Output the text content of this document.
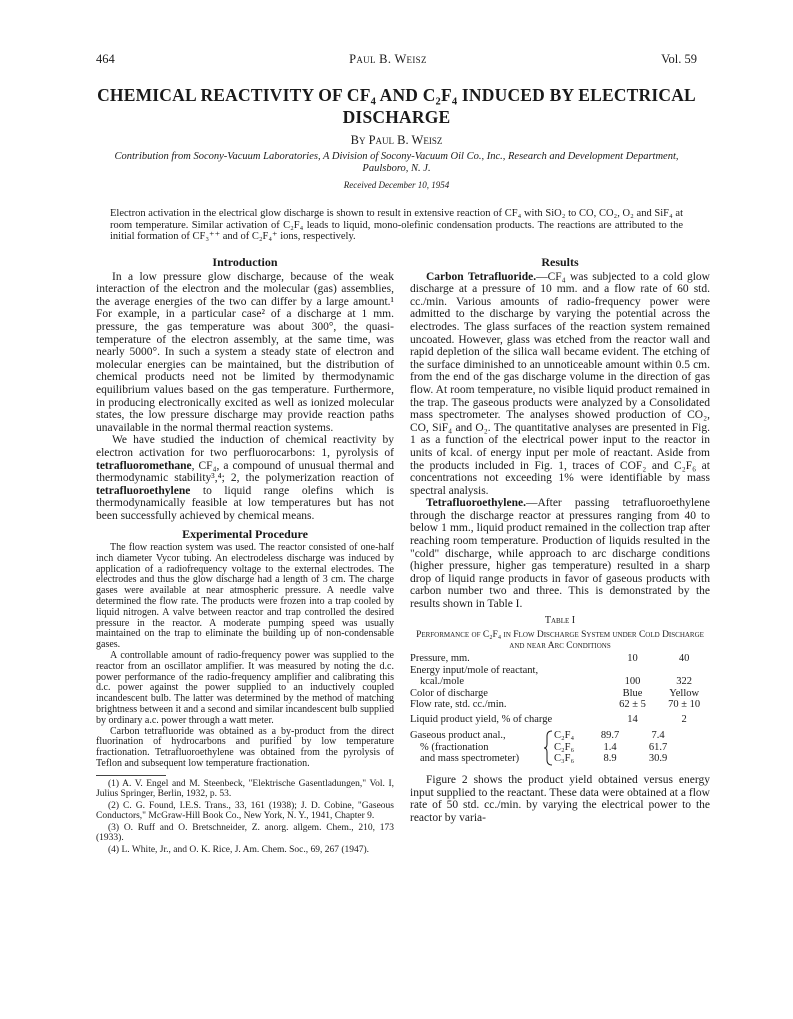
464	Paul B. Weisz	Vol. 59
CHEMICAL REACTIVITY OF CF₄ AND C₂F₄ INDUCED BY ELECTRICAL DISCHARGE
By Paul B. Weisz
Contribution from Socony-Vacuum Laboratories, A Division of Socony-Vacuum Oil Co., Inc., Research and Development Department, Paulsboro, N. J.
Received December 10, 1954
Electron activation in the electrical glow discharge is shown to result in extensive reaction of CF₄ with SiO₂ to CO, CO₂, O₂ and SiF₄ at room temperature. Similar activation of C₂F₄ leads to liquid, mono-olefinic condensation products. The reactions are attributed to the initial formation of CF₃⁺⁺ and of C₂F₄⁺ ions, respectively.
Introduction

In a low pressure glow discharge, because of the weak interaction of the electron and the molecular (gas) assemblies, the average energies of the two can differ by a large amount.¹ For example, in a particular case² of a discharge at 1 mm. pressure, the gas temperature was about 300°, the quasi-temperature of the electron assembly, at the same time, was nearly 5000°. In such a system a steady state of electron and molecular energies can be maintained, but the distribution of chemical products need not be limited by thermodynamic equilibrium values based on the gas temperature. Furthermore, in producing electronically excited as well as ionized molecular states, the low pressure discharge may provide reaction paths unavailable in the normal thermal reaction systems.

We have studied the induction of chemical reactivity by electron activation for two perfluorocarbons: 1, pyrolysis of tetrafluoromethane, CF₄, a compound of unusual thermal and thermodynamic stability³,⁴; 2, the polymerization reaction of tetrafluoroethylene to liquid range olefins which is thermodynamically feasible at low temperatures but has not been successfully achieved by chemical means.

Experimental Procedure

The flow reaction system was used. The reactor consisted of one-half inch diameter Vycor tubing. An electrodeless discharge was induced by application of a radiofrequency voltage to the external electrodes. The electrodes and thus the glow discharge had a length of 3 cm. The charge gases were available at near atmospheric pressure. A needle valve determined the flow rate. The products were frozen into a trap cooled by liquid nitrogen. A valve between reactor and trap controlled the desired pressure in the reactor. A moderate pumping speed was usually maintained on the trap to eliminate the building up of non-condensable gases.

A controllable amount of radio-frequency power was supplied to the reactor from an oscillator amplifier. It was measured by noting the d.c. power performance of the radio-frequency amplifier and calibrating this d.c. power against the power supplied to an inductively coupled incandescent bulb. The latter was determined by the method of matching brightness between it and a second and similar incandescent bulb supplied by ordinary a.c. power through a watt meter.

Carbon tetrafluoride was obtained as a by-product from the direct fluorination of hydrocarbons and purified by low temperature fractionation. Tetrafluoroethylene was obtained from the pyrolysis of Teflon and subsequent low temperature fractionation.

(1) A. V. Engel and M. Steenbeck, "Elektrische Gasentladungen," Vol. I, Julius Springer, Berlin, 1932, p. 53.

(2) C. G. Found, I.E.S. Trans., 33, 161 (1938); J. D. Cobine, "Gaseous Conductors," McGraw-Hill Book Co., New York, N. Y., 1941, Chapter 9.

(3) O. Ruff and O. Bretschneider, Z. anorg. allgem. Chem., 210, 173 (1933).

(4) L. White, Jr., and O. K. Rice, J. Am. Chem. Soc., 69, 267 (1947).

Results

Carbon Tetrafluoride.—CF₄ was subjected to a cold glow discharge at a pressure of 10 mm. and a flow rate of 60 std. cc./min. Various amounts of radio-frequency power were admitted to the discharge by varying the potential across the electrodes. The glass surfaces of the reaction system remained uncoated. However, glass was etched from the reactor wall and rapid depletion of the silica wall became evident. The etching of the surface diminished to an unnoticeable amount within 0.5 cm. from the end of the gas discharge volume in the direction of gas flow. At room temperature, no visible liquid product remained in the trap. The gaseous products were analyzed by a Consolidated mass spectrometer. The analyses showed production of CO₂, CO, SiF₄ and O₂. The quantitative analyses are presented in Fig. 1 as a function of the electrical power input to the reactor in units of kcal. of energy input per mole of reactant. Aside from the products included in Fig. 1, traces of COF₂ and C₂F₆ at concentrations not exceeding 1% were identifiable by mass spectral analysis.

Tetrafluoroethylene.—After passing tetrafluoroethylene through the discharge reactor at pressures ranging from 40 to below 1 mm., liquid product remained in the collection trap after reaching room temperature. Production of liquids resulted in the "cold" discharge, while approach to arc discharge conditions (higher pressure, higher gas temperature) resulted in a sharp drop of liquid range products in favor of gaseous products with carbon number two and three. This is demonstrated by the results shown in Table I.

Table I
Performance of C₂F₄ in Flow Discharge System under Cold Discharge and near Arc Conditions
Pressure, mm.	10	40
Energy input/mole of reactant,		
kcal./mole	100	322
Color of discharge	Blue	Yellow
Flow rate, std. cc./min.	62 ± 5	70 ± 10
Liquid product yield, % of charge	14	2
Gaseous product anal.,
% (fractionation
and mass spectrometer)
C₂F₄	89.7	7.4
C₂F₆	1.4	61.7
C₃F₆	8.9	30.9

Figure 2 shows the product yield obtained versus energy input supplied to the reactant. These data were obtained at a flow rate of 50 std. cc./min. by varying the electrical power to the reactor by varia-
